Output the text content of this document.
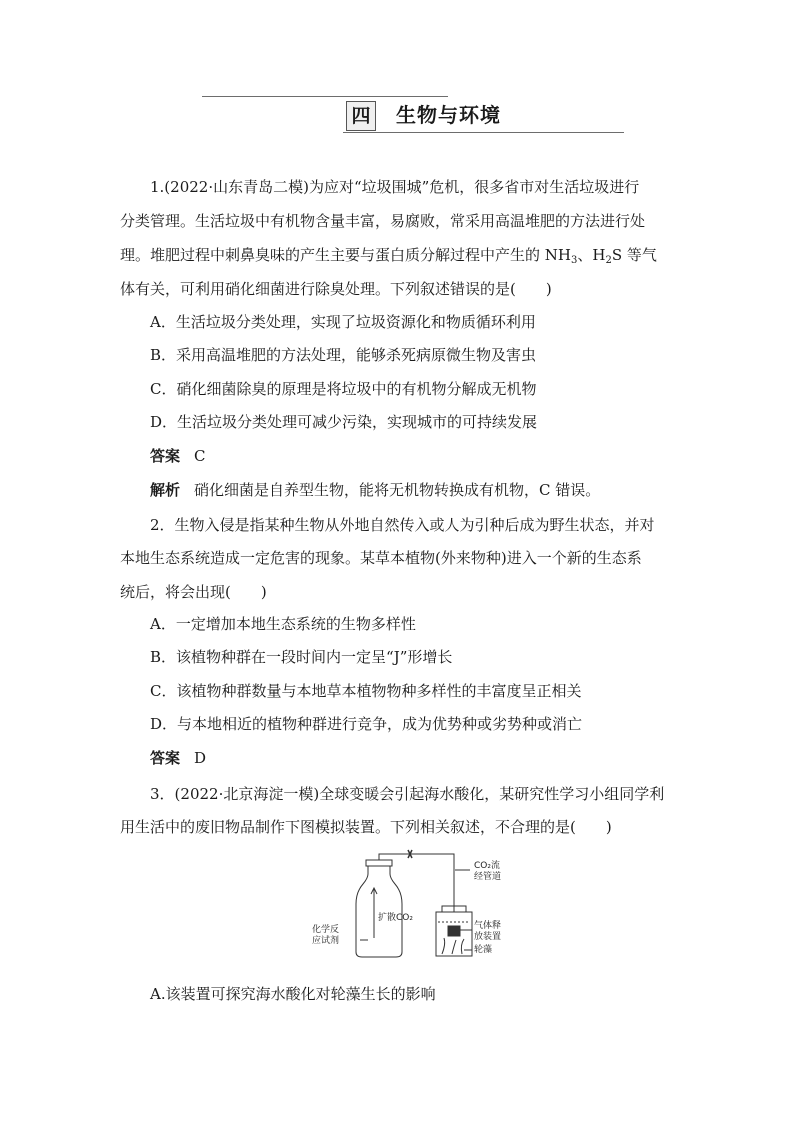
四 生物与环境
1.(2022·山东青岛二模)为应对“垃圾围城”危机，很多省市对生活垃圾进行
分类管理。生活垃圾中有机物含量丰富，易腐败，常采用高温堆肥的方法进行处
理。堆肥过程中刺鼻臭味的产生主要与蛋白质分解过程中产生的 $NH_3$、$H_2S$ 等气
体有关，可利用硝化细菌进行除臭处理。下列叙述错误的是(　　)
A．生活垃圾分类处理，实现了垃圾资源化和物质循环利用
B．采用高温堆肥的方法处理，能够杀死病原微生物及害虫
C．硝化细菌除臭的原理是将垃圾中的有机物分解成无机物
D．生活垃圾分类处理可减少污染，实现城市的可持续发展
答案 C
解析 硝化细菌是自养型生物，能将无机物转换成有机物，C 错误。
2．生物入侵是指某种生物从外地自然传入或人为引种后成为野生状态，并对
本地生态系统造成一定危害的现象。某草本植物(外来物种)进入一个新的生态系
统后，将会出现(　　)
A．一定增加本地生态系统的生物多样性
B．该植物种群在一段时间内一定呈“J”形增长
C．该植物种群数量与本地草本植物物种多样性的丰富度呈正相关
D．与本地相近的植物种群进行竞争，成为优势种或劣势种或消亡
答案 D
3．(2022·北京海淀一模)全球变暖会引起海水酸化，某研究性学习小组同学利
用生活中的废旧物品制作下图模拟装置。下列相关叙述，不合理的是(　　)
CO₂流
经管道
扩散CO₂
化学反
应试剂
气体释
放装置
轮藻
A.该装置可探究海水酸化对轮藻生长的影响
